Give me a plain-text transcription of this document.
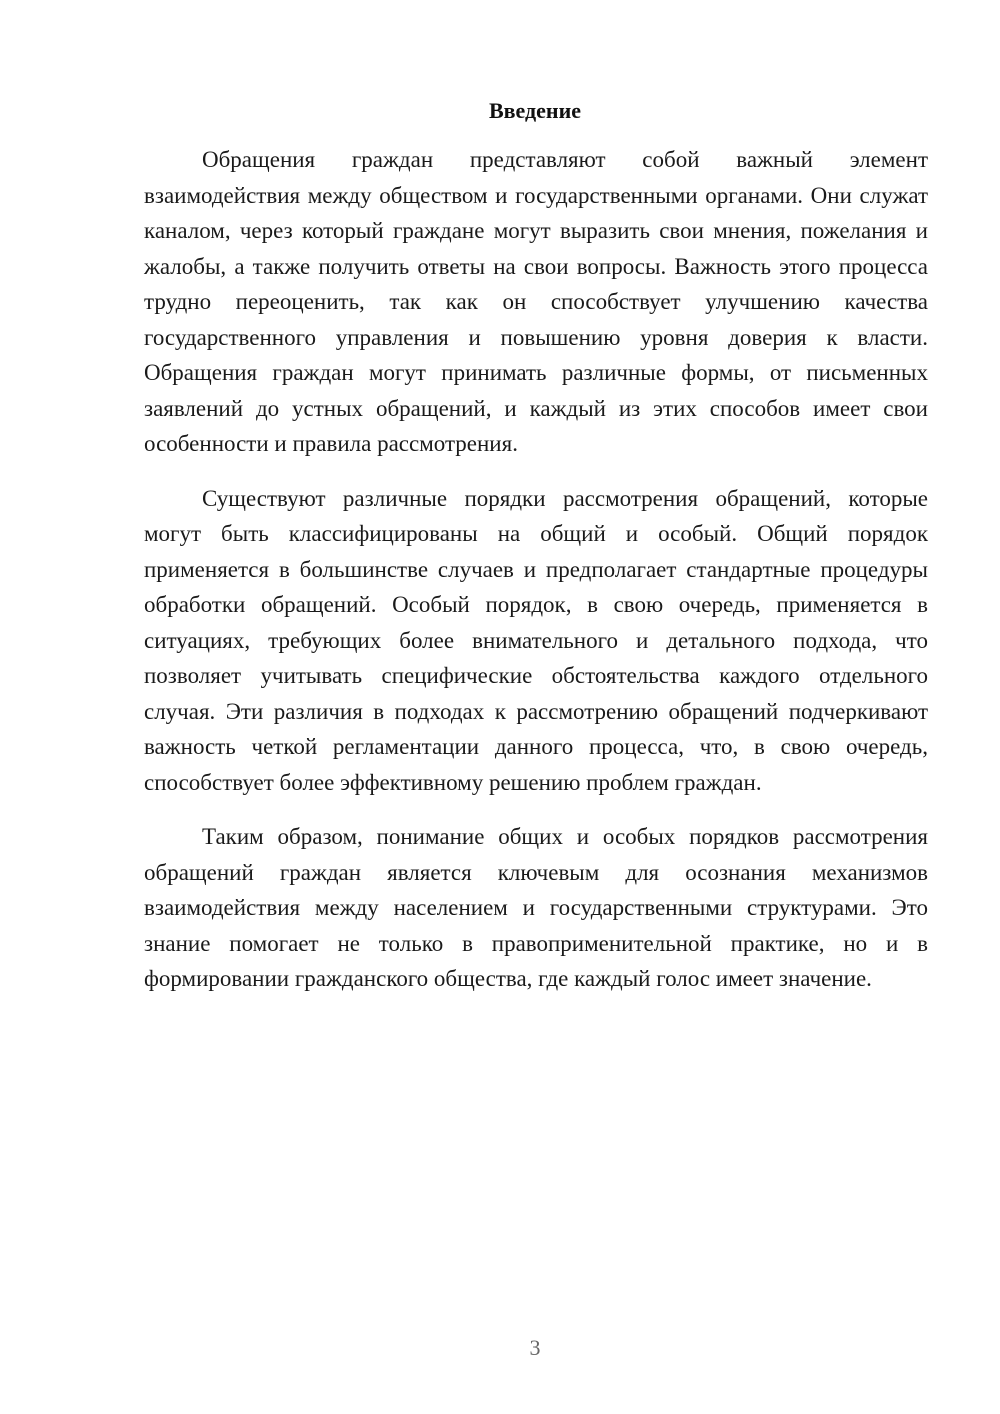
Введение

Обращения граждан представляют собой важный элемент взаимодействия между обществом и государственными органами. Они служат каналом, через который граждане могут выразить свои мнения, пожелания и жалобы, а также получить ответы на свои вопросы. Важность этого процесса трудно переоценить, так как он способствует улучшению качества государственного управления и повышению уровня доверия к власти. Обращения граждан могут принимать различные формы, от письменных заявлений до устных обращений, и каждый из этих способов имеет свои особенности и правила рассмотрения.

Существуют различные порядки рассмотрения обращений, которые могут быть классифицированы на общий и особый. Общий порядок применяется в большинстве случаев и предполагает стандартные процедуры обработки обращений. Особый порядок, в свою очередь, применяется в ситуациях, требующих более внимательного и детального подхода, что позволяет учитывать специфические обстоятельства каждого отдельного случая. Эти различия в подходах к рассмотрению обращений подчеркивают важность четкой регламентации данного процесса, что, в свою очередь, способствует более эффективному решению проблем граждан.

Таким образом, понимание общих и особых порядков рассмотрения обращений граждан является ключевым для осознания механизмов взаимодействия между населением и государственными структурами. Это знание помогает не только в правоприменительной практике, но и в формировании гражданского общества, где каждый голос имеет значение.

3
